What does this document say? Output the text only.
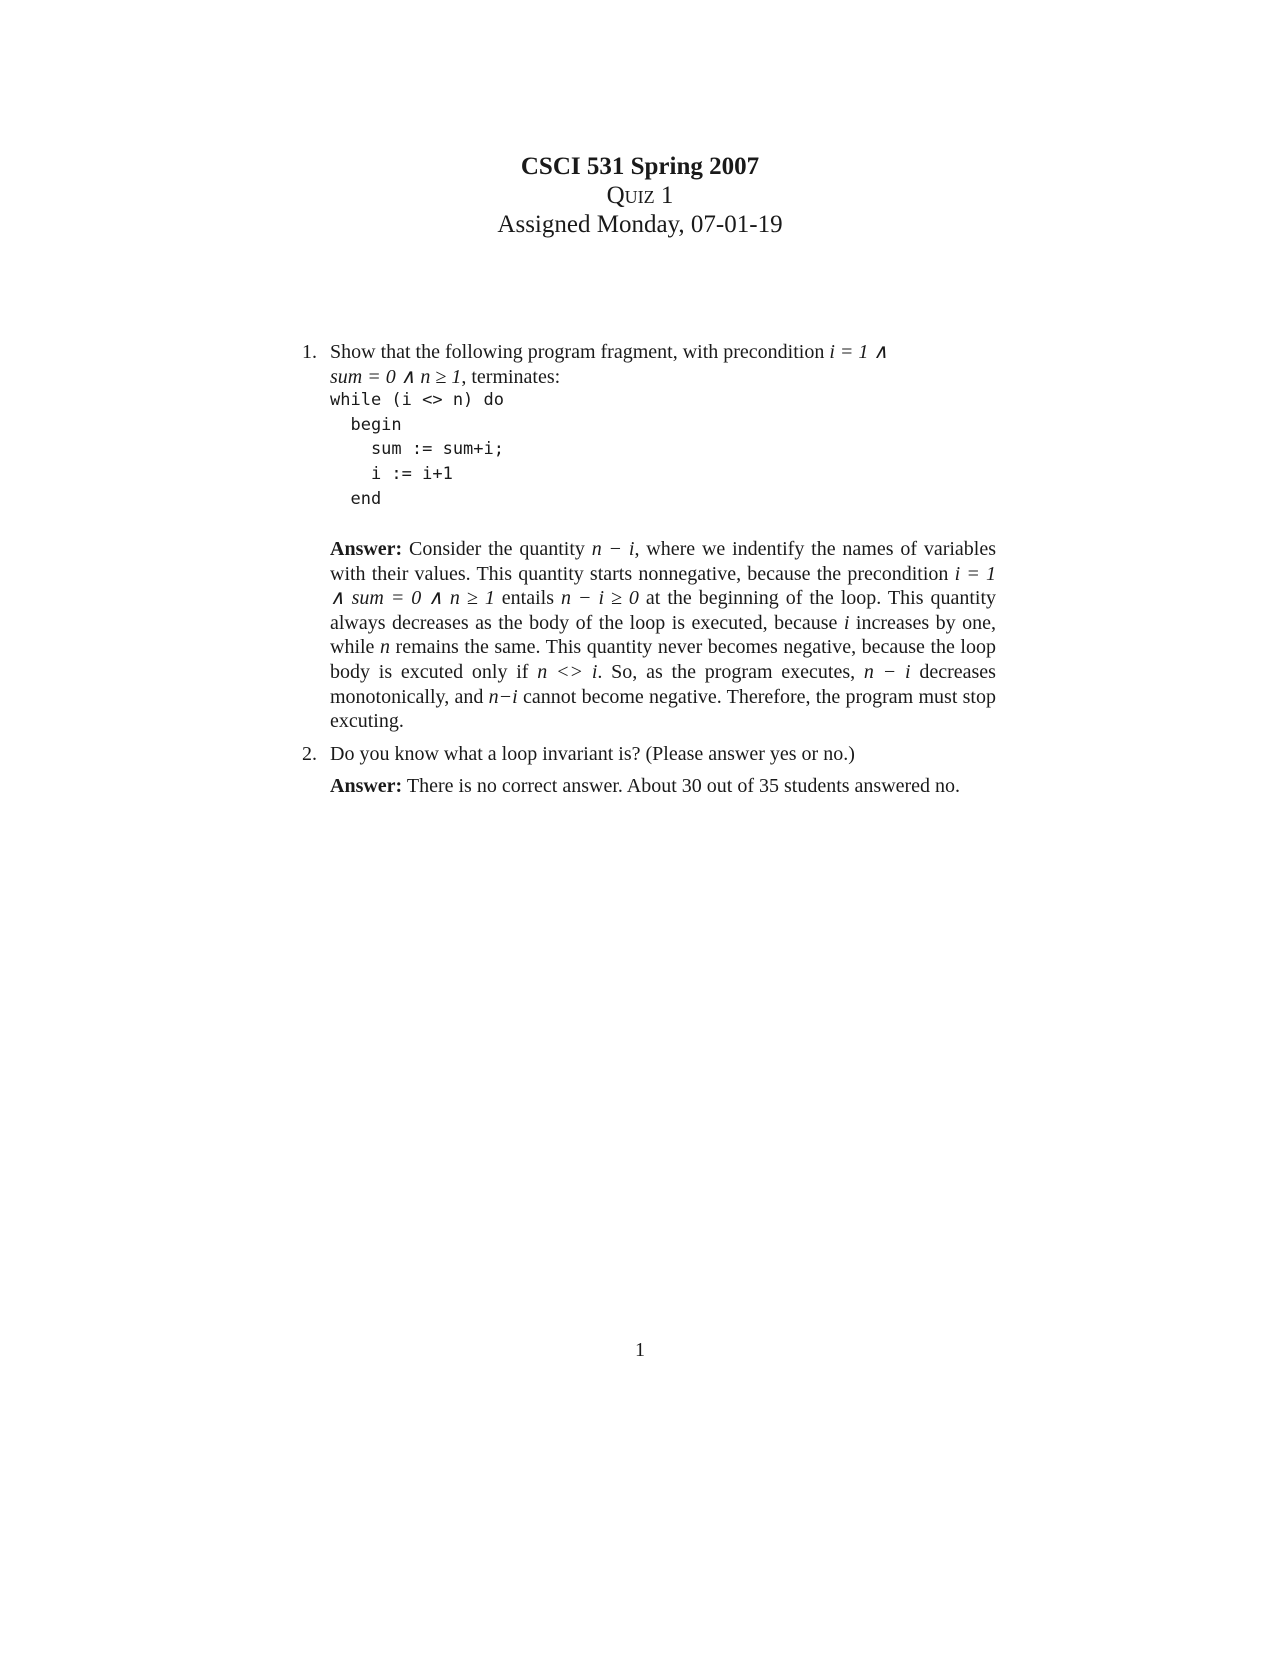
CSCI 531 Spring 2007
Quiz 1
Assigned Monday, 07-01-19
1. Show that the following program fragment, with precondition i = 1 ∧
sum = 0 ∧ n ≥ 1, terminates:
while (i <> n) do
begin
sum := sum+i;
i := i+1
end
Answer: Consider the quantity n − i, where we indentify the names of variables with their values. This quantity starts nonnegative, because the precondition i = 1 ∧ sum = 0 ∧ n ≥ 1 entails n − i ≥ 0 at the beginning of the loop. This quantity always decreases as the body of the loop is executed, because i increases by one, while n remains the same. This quantity never becomes negative, because the loop body is excuted only if n <> i. So, as the program executes, n − i decreases monotonically, and n−i cannot become negative. Therefore, the program must stop excuting.
2. Do you know what a loop invariant is? (Please answer yes or no.)
Answer: There is no correct answer. About 30 out of 35 students answered no.
1
